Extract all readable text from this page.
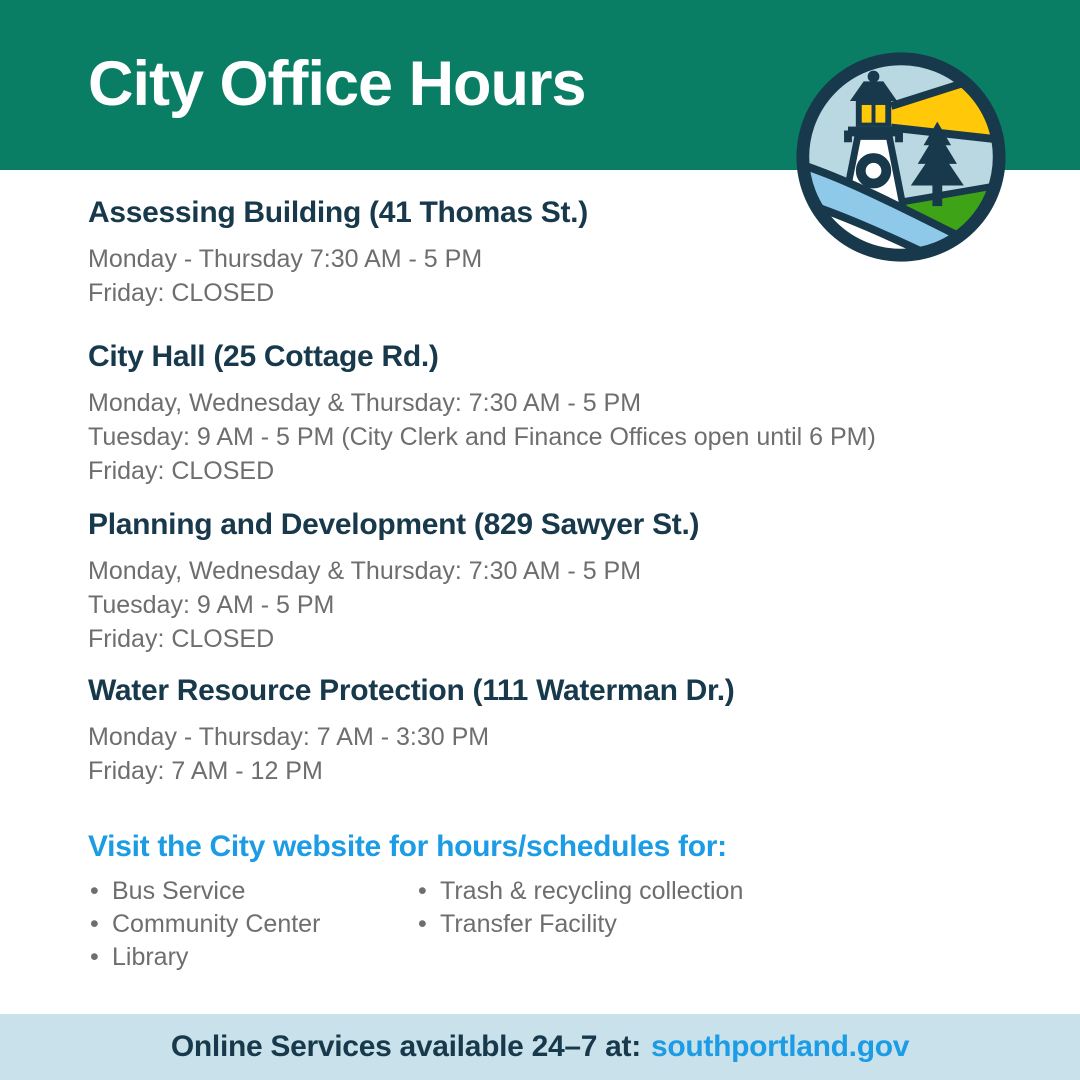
City Office Hours
Assessing Building (41 Thomas St.)
Monday - Thursday 7:30 AM - 5 PM
Friday: CLOSED
City Hall (25 Cottage Rd.)
Monday, Wednesday & Thursday: 7:30 AM - 5 PM
Tuesday: 9 AM - 5 PM (City Clerk and Finance Offices open until 6 PM)
Friday: CLOSED
Planning and Development (829 Sawyer St.)
Monday, Wednesday & Thursday: 7:30 AM - 5 PM
Tuesday: 9 AM - 5 PM
Friday: CLOSED
Water Resource Protection (111 Waterman Dr.)
Monday - Thursday: 7 AM - 3:30 PM
Friday: 7 AM - 12 PM
Visit the City website for hours/schedules for:
• Bus Service
• Community Center
• Library
• Trash & recycling collection
• Transfer Facility
Online Services available 24–7 at: southportland.gov
